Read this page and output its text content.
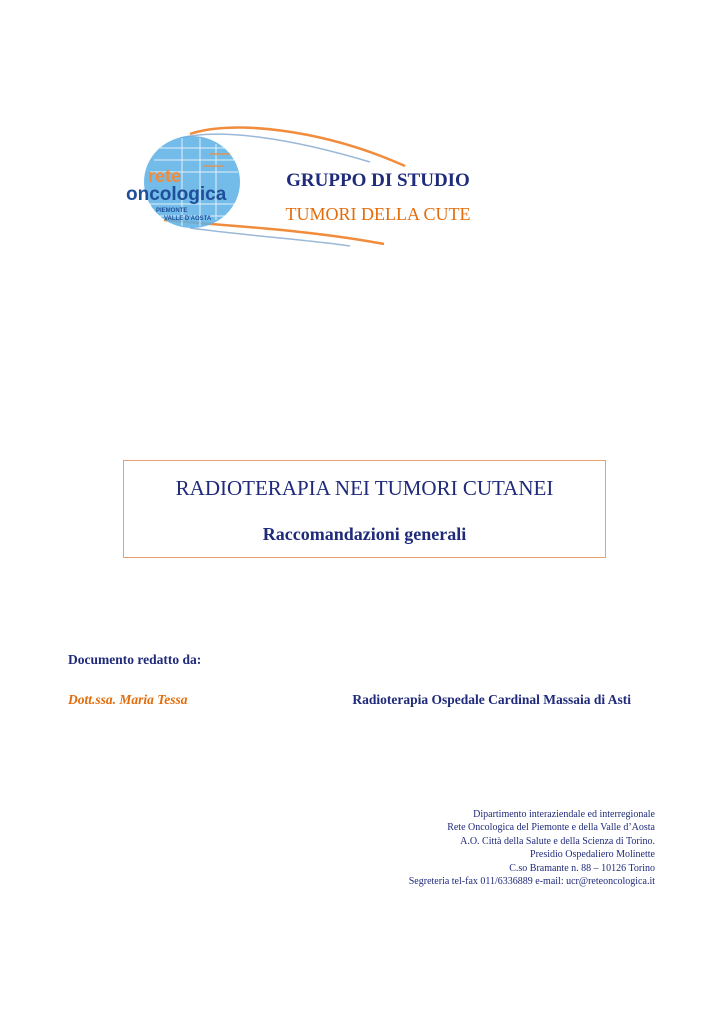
rete
oncologica
PIEMONTE
VALLE D'AOSTA
GRUPPO DI STUDIO
TUMORI DELLA CUTE
RADIOTERAPIA NEI TUMORI CUTANEI
Raccomandazioni generali
Documento redatto da:
Dott.ssa. Maria Tessa	Radioterapia Ospedale Cardinal Massaia di Asti
Dipartimento interaziendale ed interregionale
Rete Oncologica del Piemonte e della Valle d’Aosta
A.O. Città della Salute e della Scienza di Torino.
Presidio Ospedaliero Molinette
C.so Bramante n. 88 – 10126 Torino
Segreteria tel-fax 011/6336889 e-mail: ucr@reteoncologica.it
